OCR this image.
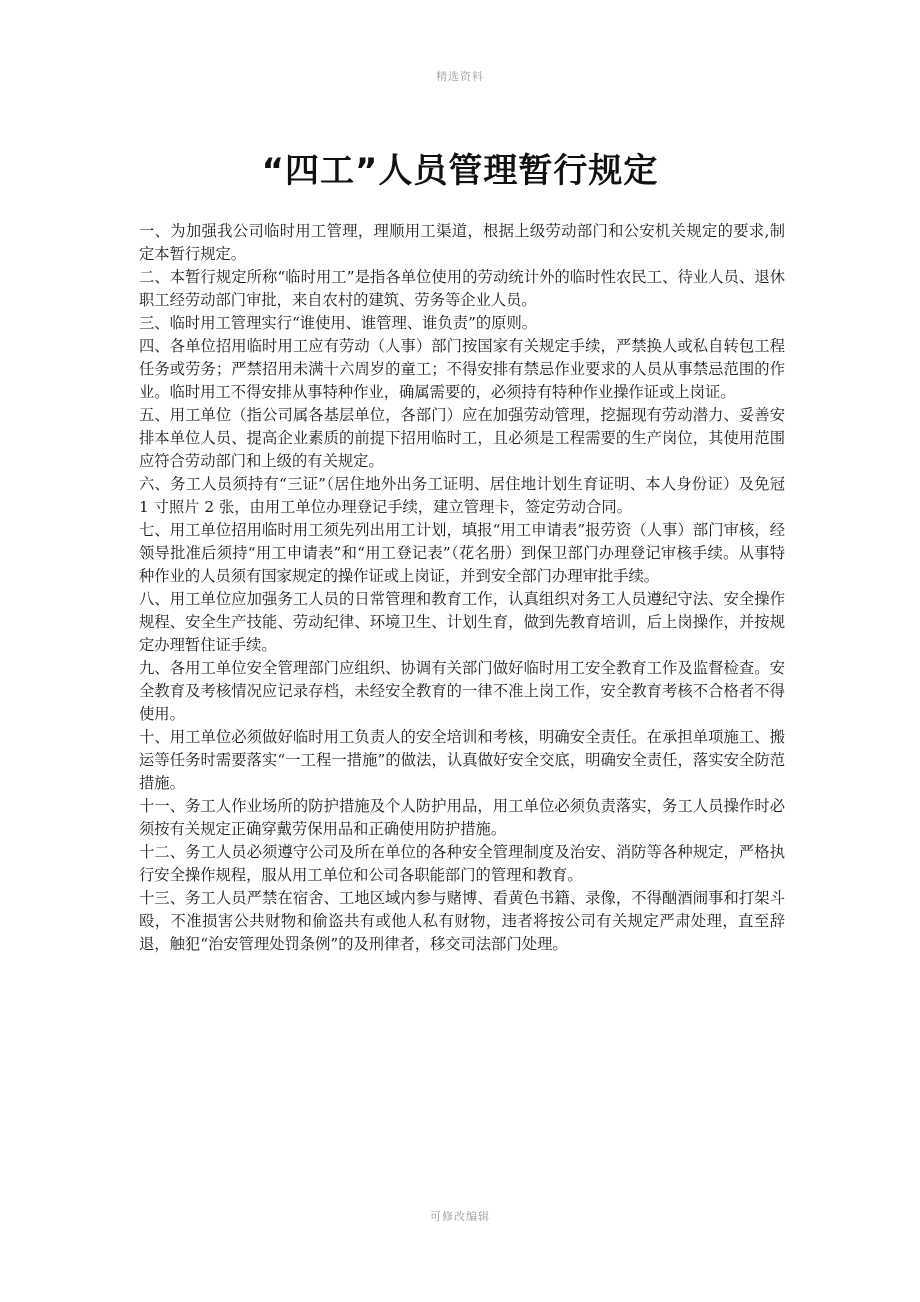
精选资料
“四工”人员管理暂行规定

一、为加强我公司临时用工管理，理顺用工渠道，根据上级劳动部门和公安机关规定的要求,制定本暂行规定。

二、本暂行规定所称“临时用工”是指各单位使用的劳动统计外的临时性农民工、待业人员、退休职工经劳动部门审批，来自农村的建筑、劳务等企业人员。

三、临时用工管理实行“谁使用、谁管理、谁负责”的原则。

四、各单位招用临时用工应有劳动（人事）部门按国家有关规定手续，严禁换人或私自转包工程任务或劳务；严禁招用未满十六周岁的童工；不得安排有禁忌作业要求的人员从事禁忌范围的作业。临时用工不得安排从事特种作业，确属需要的，必须持有特种作业操作证或上岗证。

五、用工单位（指公司属各基层单位，各部门）应在加强劳动管理，挖掘现有劳动潜力、妥善安排本单位人员、提高企业素质的前提下招用临时工，且必须是工程需要的生产岗位，其使用范围应符合劳动部门和上级的有关规定。

六、务工人员须持有“三证”（居住地外出务工证明、居住地计划生育证明、本人身份证）及免冠 1 寸照片 2 张，由用工单位办理登记手续，建立管理卡，签定劳动合同。

七、用工单位招用临时用工须先列出用工计划，填报“用工申请表”报劳资（人事）部门审核，经领导批准后须持“用工申请表”和“用工登记表”（花名册）到保卫部门办理登记审核手续。从事特种作业的人员须有国家规定的操作证或上岗证，并到安全部门办理审批手续。

八、用工单位应加强务工人员的日常管理和教育工作，认真组织对务工人员遵纪守法、安全操作规程、安全生产技能、劳动纪律、环境卫生、计划生育，做到先教育培训，后上岗操作，并按规定办理暂住证手续。

九、各用工单位安全管理部门应组织、协调有关部门做好临时用工安全教育工作及监督检查。安全教育及考核情况应记录存档，未经安全教育的一律不准上岗工作，安全教育考核不合格者不得使用。

十、用工单位必须做好临时用工负责人的安全培训和考核，明确安全责任。在承担单项施工、搬运等任务时需要落实“一工程一措施”的做法，认真做好安全交底，明确安全责任，落实安全防范措施。

十一、务工人作业场所的防护措施及个人防护用品，用工单位必须负责落实，务工人员操作时必须按有关规定正确穿戴劳保用品和正确使用防护措施。

十二、务工人员必须遵守公司及所在单位的各种安全管理制度及治安、消防等各种规定，严格执行安全操作规程，服从用工单位和公司各职能部门的管理和教育。

十三、务工人员严禁在宿舍、工地区域内参与赌博、看黄色书籍、录像，不得酗酒闹事和打架斗殴，不准损害公共财物和偷盗共有或他人私有财物，违者将按公司有关规定严肃处理，直至辞退，触犯“治安管理处罚条例”的及刑律者，移交司法部门处理。

可修改编辑
